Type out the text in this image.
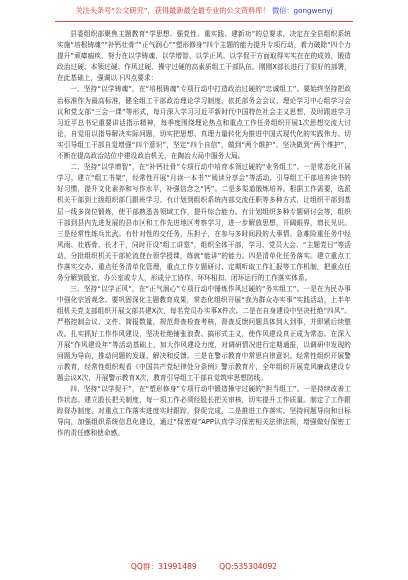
关注头条号“公文研究”，获得最新最全最专业的公文资料库！ 微信：gongwenyj

县委组织部聚焦主题教育“学思想、强党性、重实践、建新功”的总要求，决定在全县组织系统实施“培根铸魂”“补钙壮骨”“正气润心”“塑形修身”四个主题的能力提升专项行动，着力破除“四个力提升”顽瘴痼疾，努力在以学铸魂、以学增智、以学正风、以学促干方面取得实实在在的成效，锻造政治过硬、本领过硬、作风过硬、操守过硬的高素质组工干部队伍。刚刚X部长进行了很好的部署，在此基础上，强调以下四点要求：

一、坚持“以学铸魂”，在“培根铸魂”专项行动中打造政治过硬的“忠诚组工”。要始终坚持把政治标准作为最高标准，健全组工干部政治理论学习制度，依托部务会会议、理论学习中心组学习会议和党支部“三会一课”等形式，每月深入学习习近平新时代中国特色社会主义思想，及时跟进学习习近平总书记重要讲话指示精神，每季度围绕理论热点和重点工作任务组织开展1次思想交流大讨论，自觉用以指导解决实际问题，切实把思想、真理力量转化为推进中国式现代化的实践伟力。切实引导组工干部自觉增强“四个意识”，坚定“四个自信”，做到“两个维护”，坚决做到“两个维护”，不断在提高政治站位中建设政治机关，在陶冶大局中服务大局。

二、坚持“以学增智”，在“补钙壮骨”专项行动中培育本领过硬的“业务组工”。一是常态化开展学习。建立“组工书架”，经常性开展“月读一本书”“阅读分享会”等活动，引导组工干部培养读书的好习惯，提升文化素养和写作水平，补强信念之“钙”。二是多渠道锻炼培养。根据工作需要，选派机关干部到上级组织部门跟班学习、有计划到组织系统内部交流任职等多种方式，让组织干部到基层一线多岗位锻炼，使干部熟悉各领域工作，提升综合能力。有计划组织多种专题研讨会等，组织干部到县内先进发展的县市区和工作先进地区考察学习，进一步解放思想，开阔眼界，增长见识。三是经常性练兵比武。有针对性的交任务，压担子，在参与多时间段的大事情、急难险重任务中经风雨、壮筋骨、长才干，同时开设“组工讲堂”，组织全体干部，学习、党员大会、“主题党日”等活动，分批组织机关干部轮流登台领学授课，练就“能讲”的能力。四是清单化任务落实。建立重点工作落实交办、重点任务清单化管理，重点工作专题研讨、定期听取工作汇报等工作机制，把重点任务分解到股室、办公室或专人，形成分工协作、环环相扣、闭环运行的工作落实体系。

三、坚持“以学正风”，在“正气润心”专项行动中锤炼作风过硬的“务实组工”。一是在为民办事中强化宗旨观念。要巩固深化主题教育成果，常态化组织开展“我为群众办实事”实践活动，上半年组机关党支部组织开展支部共建X次，每名党员办实事X件次。二是在自身建设中坚决杜绝“四风”。严格控制会议、文件、简报数量，规范督查检查考核，督查反馈问题具体到人到事，并即紧后续整改。扎实抓好工作作风建设，坚决杜绝铺张浪费、搞形式主义，使作风建设真正成为常态。在深入开展“作风建设年”等活动基础上，加大作风建设力度，对调研情况进行定期通报，以调研中发现的问题为导向，推动问题的发现、解决和反馈。三是在警示教育中常思自律意识。经常性组织开展警示教育，经常性组织观看《中国共产党纪律处分条例》警示教育片，全年组织开展党风廉政建设专题会议X次，开展警示教育X次，教育引导组工干部自觉筑牢思想防线。

四、坚持“以学促干”，在“塑形修身”专项行动中锻造操守过硬的“担当组工”。一是持续改善工作状态。建立股长把关制度，每一项工作必须经股长把关审核，切实提升工作质量。制定了工作跟踪督办制度，对重点工作落实进度实时跟踪，督促完成。二是推进工作落实。坚持问题导向和目标导向，加强组织系统信息化建设，通过“保密观”APP认真学习保密相关法律法规，增强做好保密工作的责任感和使命感。

QQ群：31991489	QQ:535304092
